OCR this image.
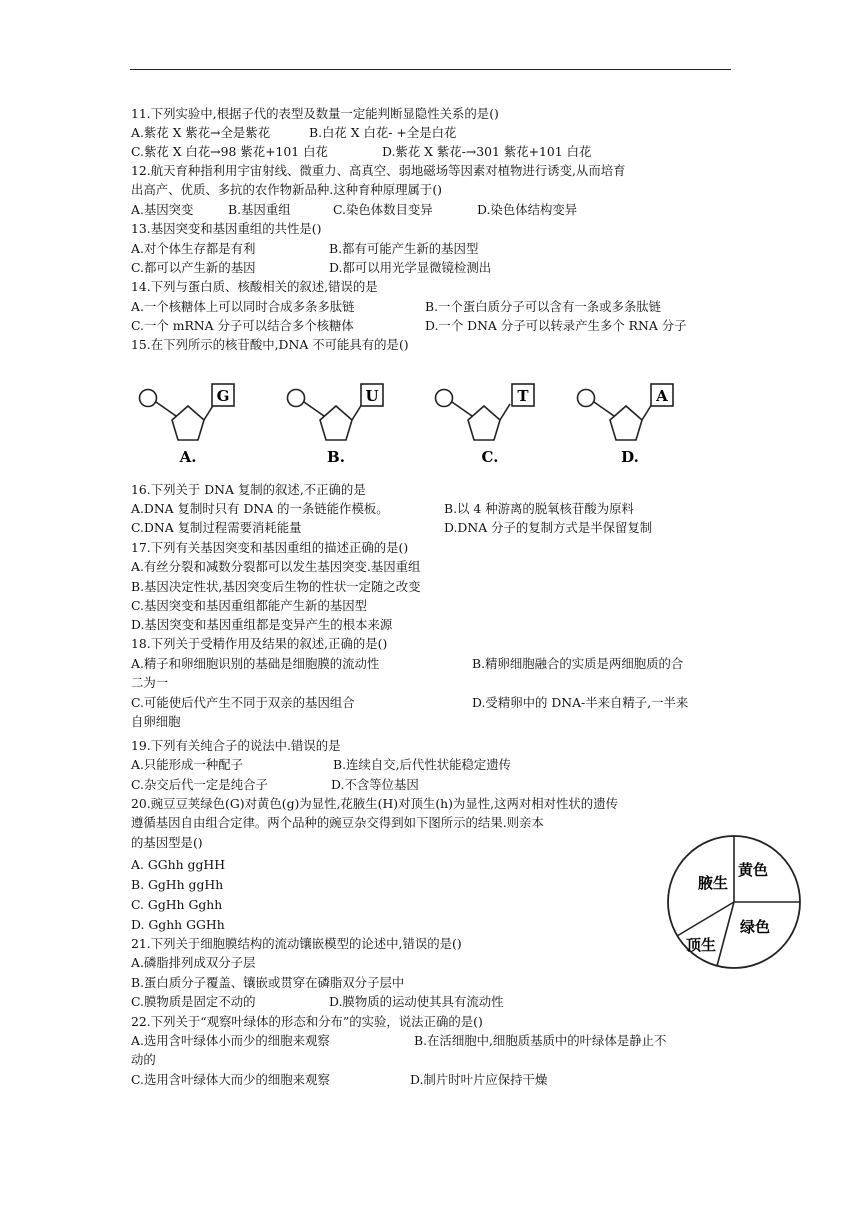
11.下列实验中,根据子代的表型及数量一定能判断显隐性关系的是()
A.紫花 X 紫花→全是紫花	B.白花 X 白花- +全是白花
C.紫花 X 白花→98 紫花+101 白花	D.紫花 X 紫花-→301 紫花+101 白花
12.航天育种指利用宇宙射线、微重力、高真空、弱地磁场等因素对植物进行诱变,从而培育
出高产、优质、多抗的农作物新品种.这种育种原理属于()
A.基因突变	B.基因重组	C.染色体数目变异	D.染色体结构变异
13.基因突变和基因重组的共性是()
A.对个体生存都是有利	B.都有可能产生新的基因型
C.都可以产生新的基因	D.都可以用光学显微镜检测出
14.下列与蛋白质、核酸相关的叙述,错误的是
A.一个核糖体上可以同时合成多条多肽链	B.一个蛋白质分子可以含有一条或多条肽链
C.一个 mRNA 分子可以结合多个核糖体	D.一个 DNA 分子可以转录产生多个 RNA 分子
15.在下列所示的核苷酸中,DNA 不可能具有的是()
G
A.
U
B.
T
C.
A
D.
16.下列关于 DNA 复制的叙述,不正确的是
A.DNA 复制时只有 DNA 的一条链能作模板。	B.以 4 种游离的脱氧核苷酸为原料
C.DNA 复制过程需要消耗能量	D.DNA 分子的复制方式是半保留复制
17.下列有关基因突变和基因重组的描述正确的是()
A.有丝分裂和减数分裂都可以发生基因突变.基因重组
B.基因决定性状,基因突变后生物的性状一定随之改变
C.基因突变和基因重组都能产生新的基因型
D.基因突变和基因重组都是变异产生的根本来源
18.下列关于受精作用及结果的叙述,正确的是()
A.精子和卵细胞识别的基础是细胞膜的流动性	B.精卵细胞融合的实质是两细胞质的合
二为一
C.可能使后代产生不同于双亲的基因组合	D.受精卵中的 DNA-半来自精子,一半来
自卵细胞
19.下列有关纯合子的说法中.错误的是
A.只能形成一种配子	B.连续自交,后代性状能稳定遗传
C.杂交后代一定是纯合子	D.不含等位基因
20.豌豆豆荚绿色(G)对黄色(g)为显性,花腋生(H)对顶生(h)为显性,这两对相对性状的遗传
遵循基因自由组合定律。两个品种的豌豆杂交得到如下图所示的结果.则亲本
的基因型是()
A. GGhh ggHH
B. GgHh ggHh
C. GgHh Gghh
D. Gghh GGHh
腋生
黄色
绿色
顶生
21.下列关于细胞膜结构的流动镶嵌模型的论述中,错误的是()
A.磷脂排列成双分子层
B.蛋白质分子覆盖、镶嵌或贯穿在磷脂双分子层中
C.膜物质是固定不动的	D.膜物质的运动使其具有流动性
22.下列关于“观察叶绿体的形态和分布”的实验，说法正确的是()
A.选用含叶绿体小而少的细胞来观察	B.在活细胞中,细胞质基质中的叶绿体是静止不
动的
C.选用含叶绿体大而少的细胞来观察	D.制片时叶片应保持干燥
